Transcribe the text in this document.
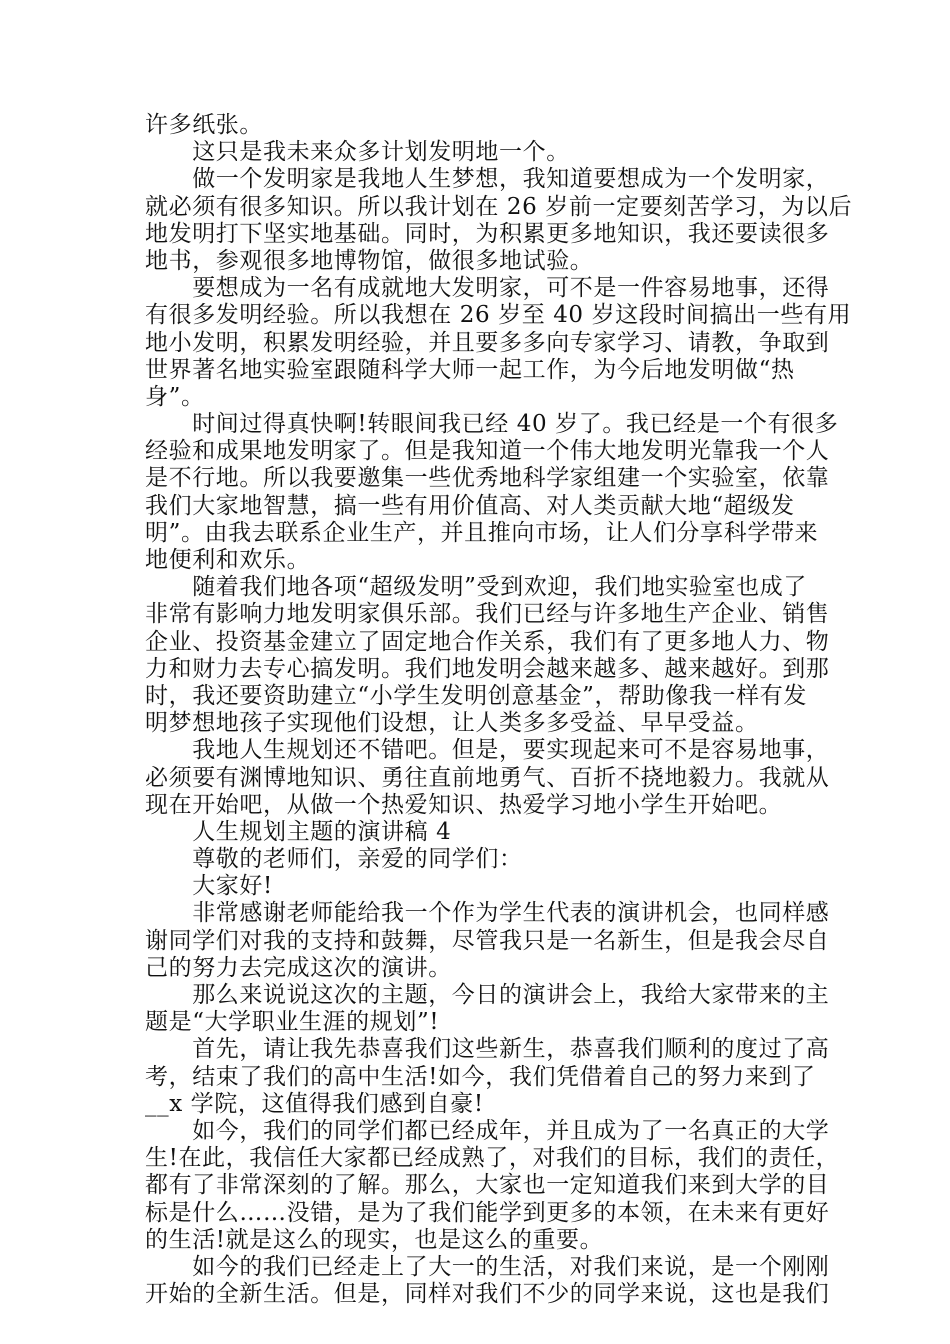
许多纸张。
　　这只是我未来众多计划发明地一个。
　　做一个发明家是我地人生梦想，我知道要想成为一个发明家，
就必须有很多知识。所以我计划在 26 岁前一定要刻苦学习，为以后
地发明打下坚实地基础。同时，为积累更多地知识，我还要读很多
地书，参观很多地博物馆，做很多地试验。
　　要想成为一名有成就地大发明家，可不是一件容易地事，还得
有很多发明经验。所以我想在 26 岁至 40 岁这段时间搞出一些有用
地小发明，积累发明经验，并且要多多向专家学习、请教，争取到
世界著名地实验室跟随科学大师一起工作，为今后地发明做“热
身”。
　　时间过得真快啊!转眼间我已经 40 岁了。我已经是一个有很多
经验和成果地发明家了。但是我知道一个伟大地发明光靠我一个人
是不行地。所以我要邀集一些优秀地科学家组建一个实验室，依靠
我们大家地智慧，搞一些有用价值高、对人类贡献大地“超级发
明”。由我去联系企业生产，并且推向市场，让人们分享科学带来
地便利和欢乐。
　　随着我们地各项“超级发明”受到欢迎，我们地实验室也成了
非常有影响力地发明家俱乐部。我们已经与许多地生产企业、销售
企业、投资基金建立了固定地合作关系，我们有了更多地人力、物
力和财力去专心搞发明。我们地发明会越来越多、越来越好。到那
时，我还要资助建立“小学生发明创意基金”，帮助像我一样有发
明梦想地孩子实现他们设想，让人类多多受益、早早受益。
　　我地人生规划还不错吧。但是，要实现起来可不是容易地事，
必须要有渊博地知识、勇往直前地勇气、百折不挠地毅力。我就从
现在开始吧，从做一个热爱知识、热爱学习地小学生开始吧。
　　人生规划主题的演讲稿 4
　　尊敬的老师们，亲爱的同学们：
　　大家好!
　　非常感谢老师能给我一个作为学生代表的演讲机会，也同样感
谢同学们对我的支持和鼓舞，尽管我只是一名新生，但是我会尽自
己的努力去完成这次的演讲。
　　那么来说说这次的主题，今日的演讲会上，我给大家带来的主
题是“大学职业生涯的规划”!
　　首先，请让我先恭喜我们这些新生，恭喜我们顺利的度过了高
考，结束了我们的高中生活!如今，我们凭借着自己的努力来到了
__x 学院，这值得我们感到自豪!
　　如今，我们的同学们都已经成年，并且成为了一名真正的大学
生!在此，我信任大家都已经成熟了，对我们的目标，我们的责任，
都有了非常深刻的了解。那么，大家也一定知道我们来到大学的目
标是什么……没错，是为了我们能学到更多的本领，在未来有更好
的生活!就是这么的现实，也是这么的重要。
　　如今的我们已经走上了大一的生活，对我们来说，是一个刚刚
开始的全新生活。但是，同样对我们不少的同学来说，这也是我们
